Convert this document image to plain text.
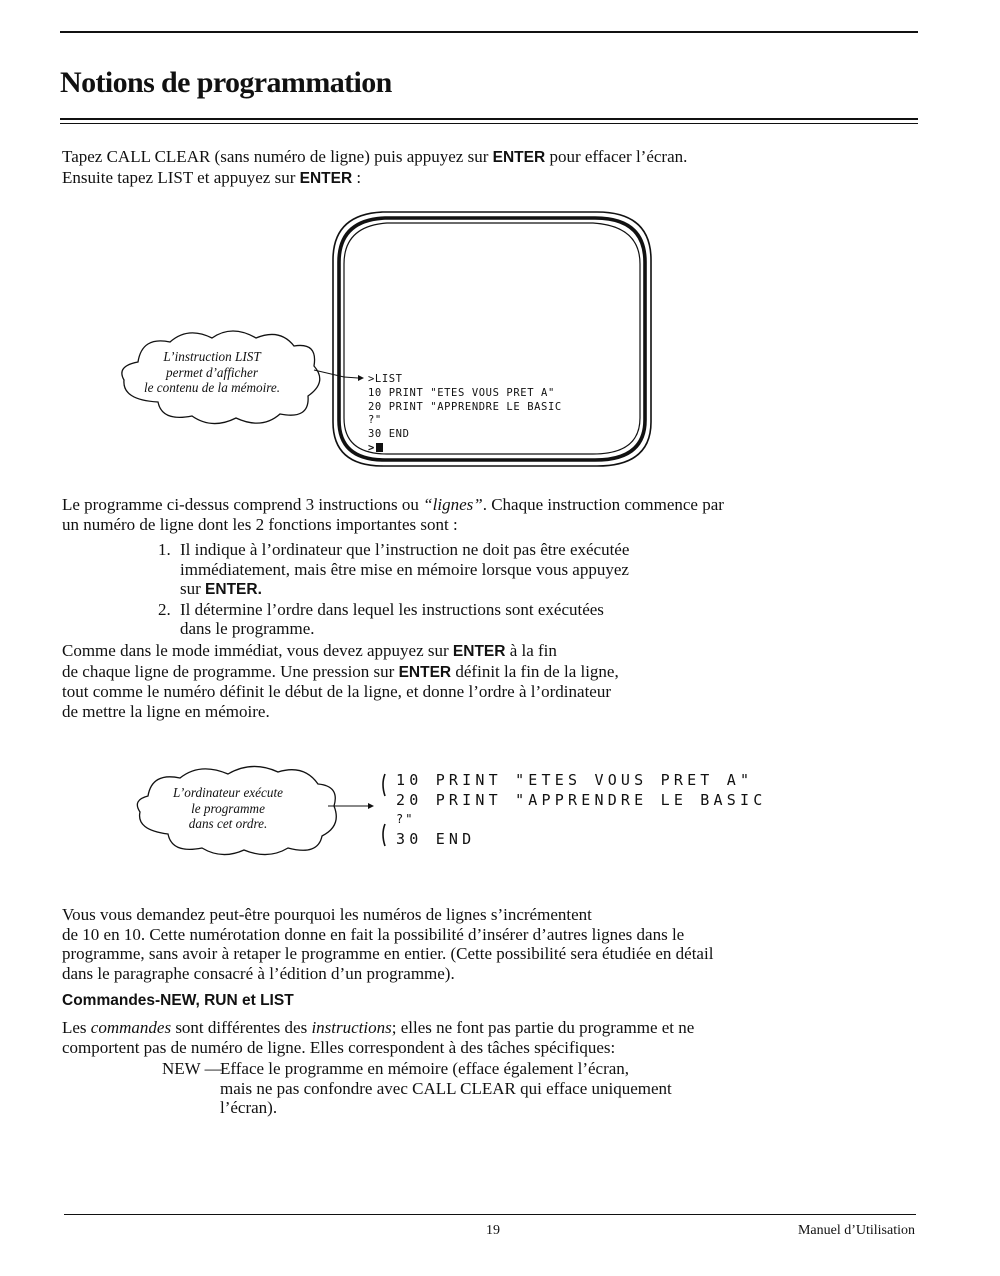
Notions de programmation

Tapez CALL CLEAR (sans numéro de ligne) puis appuyez sur ENTER pour effacer l’écran.

Ensuite tapez LIST et appuyez sur ENTER :

>LIST
10 PRINT "ETES VOUS PRET A"
20 PRINT "APPRENDRE LE BASIC
?"
30 END
>
L’instruction LIST
permet d’afficher
le contenu de la mémoire.

Le programme ci-dessus comprend 3 instructions ou “lignes”. Chaque instruction commence par

un numéro de ligne dont les 2 fonctions importantes sont :

1. Il indique à l’ordinateur que l’instruction ne doit pas être exécutée
immédiatement, mais être mise en mémoire lorsque vous appuyez
sur ENTER.
2. Il détermine l’ordre dans lequel les instructions sont exécutées
dans le programme.

Comme dans le mode immédiat, vous devez appuyez sur ENTER à la fin

de chaque ligne de programme. Une pression sur ENTER définit la fin de la ligne,

tout comme le numéro définit le début de la ligne, et donne l’ordre à l’ordinateur

de mettre la ligne en mémoire.

L’ordinateur exécute
le programme
dans cet ordre.
10 PRINT "ETES VOUS PRET A"
20 PRINT "APPRENDRE LE BASIC
?"
30 END

Vous vous demandez peut-être pourquoi les numéros de lignes s’incrémentent

de 10 en 10. Cette numérotation donne en fait la possibilité d’insérer d’autres lignes dans le

programme, sans avoir à retaper le programme en entier. (Cette possibilité sera étudiée en détail

dans le paragraphe consacré à l’édition d’un programme).

Commandes-NEW, RUN et LIST

Les commandes sont différentes des instructions; elles ne font pas partie du programme et ne

comportent pas de numéro de ligne. Elles correspondent à des tâches spécifiques:

NEW —
Efface le programme en mémoire (efface également l’écran,
mais ne pas confondre avec CALL CLEAR qui efface uniquement
l’écran).
19	Manuel d’Utilisation
